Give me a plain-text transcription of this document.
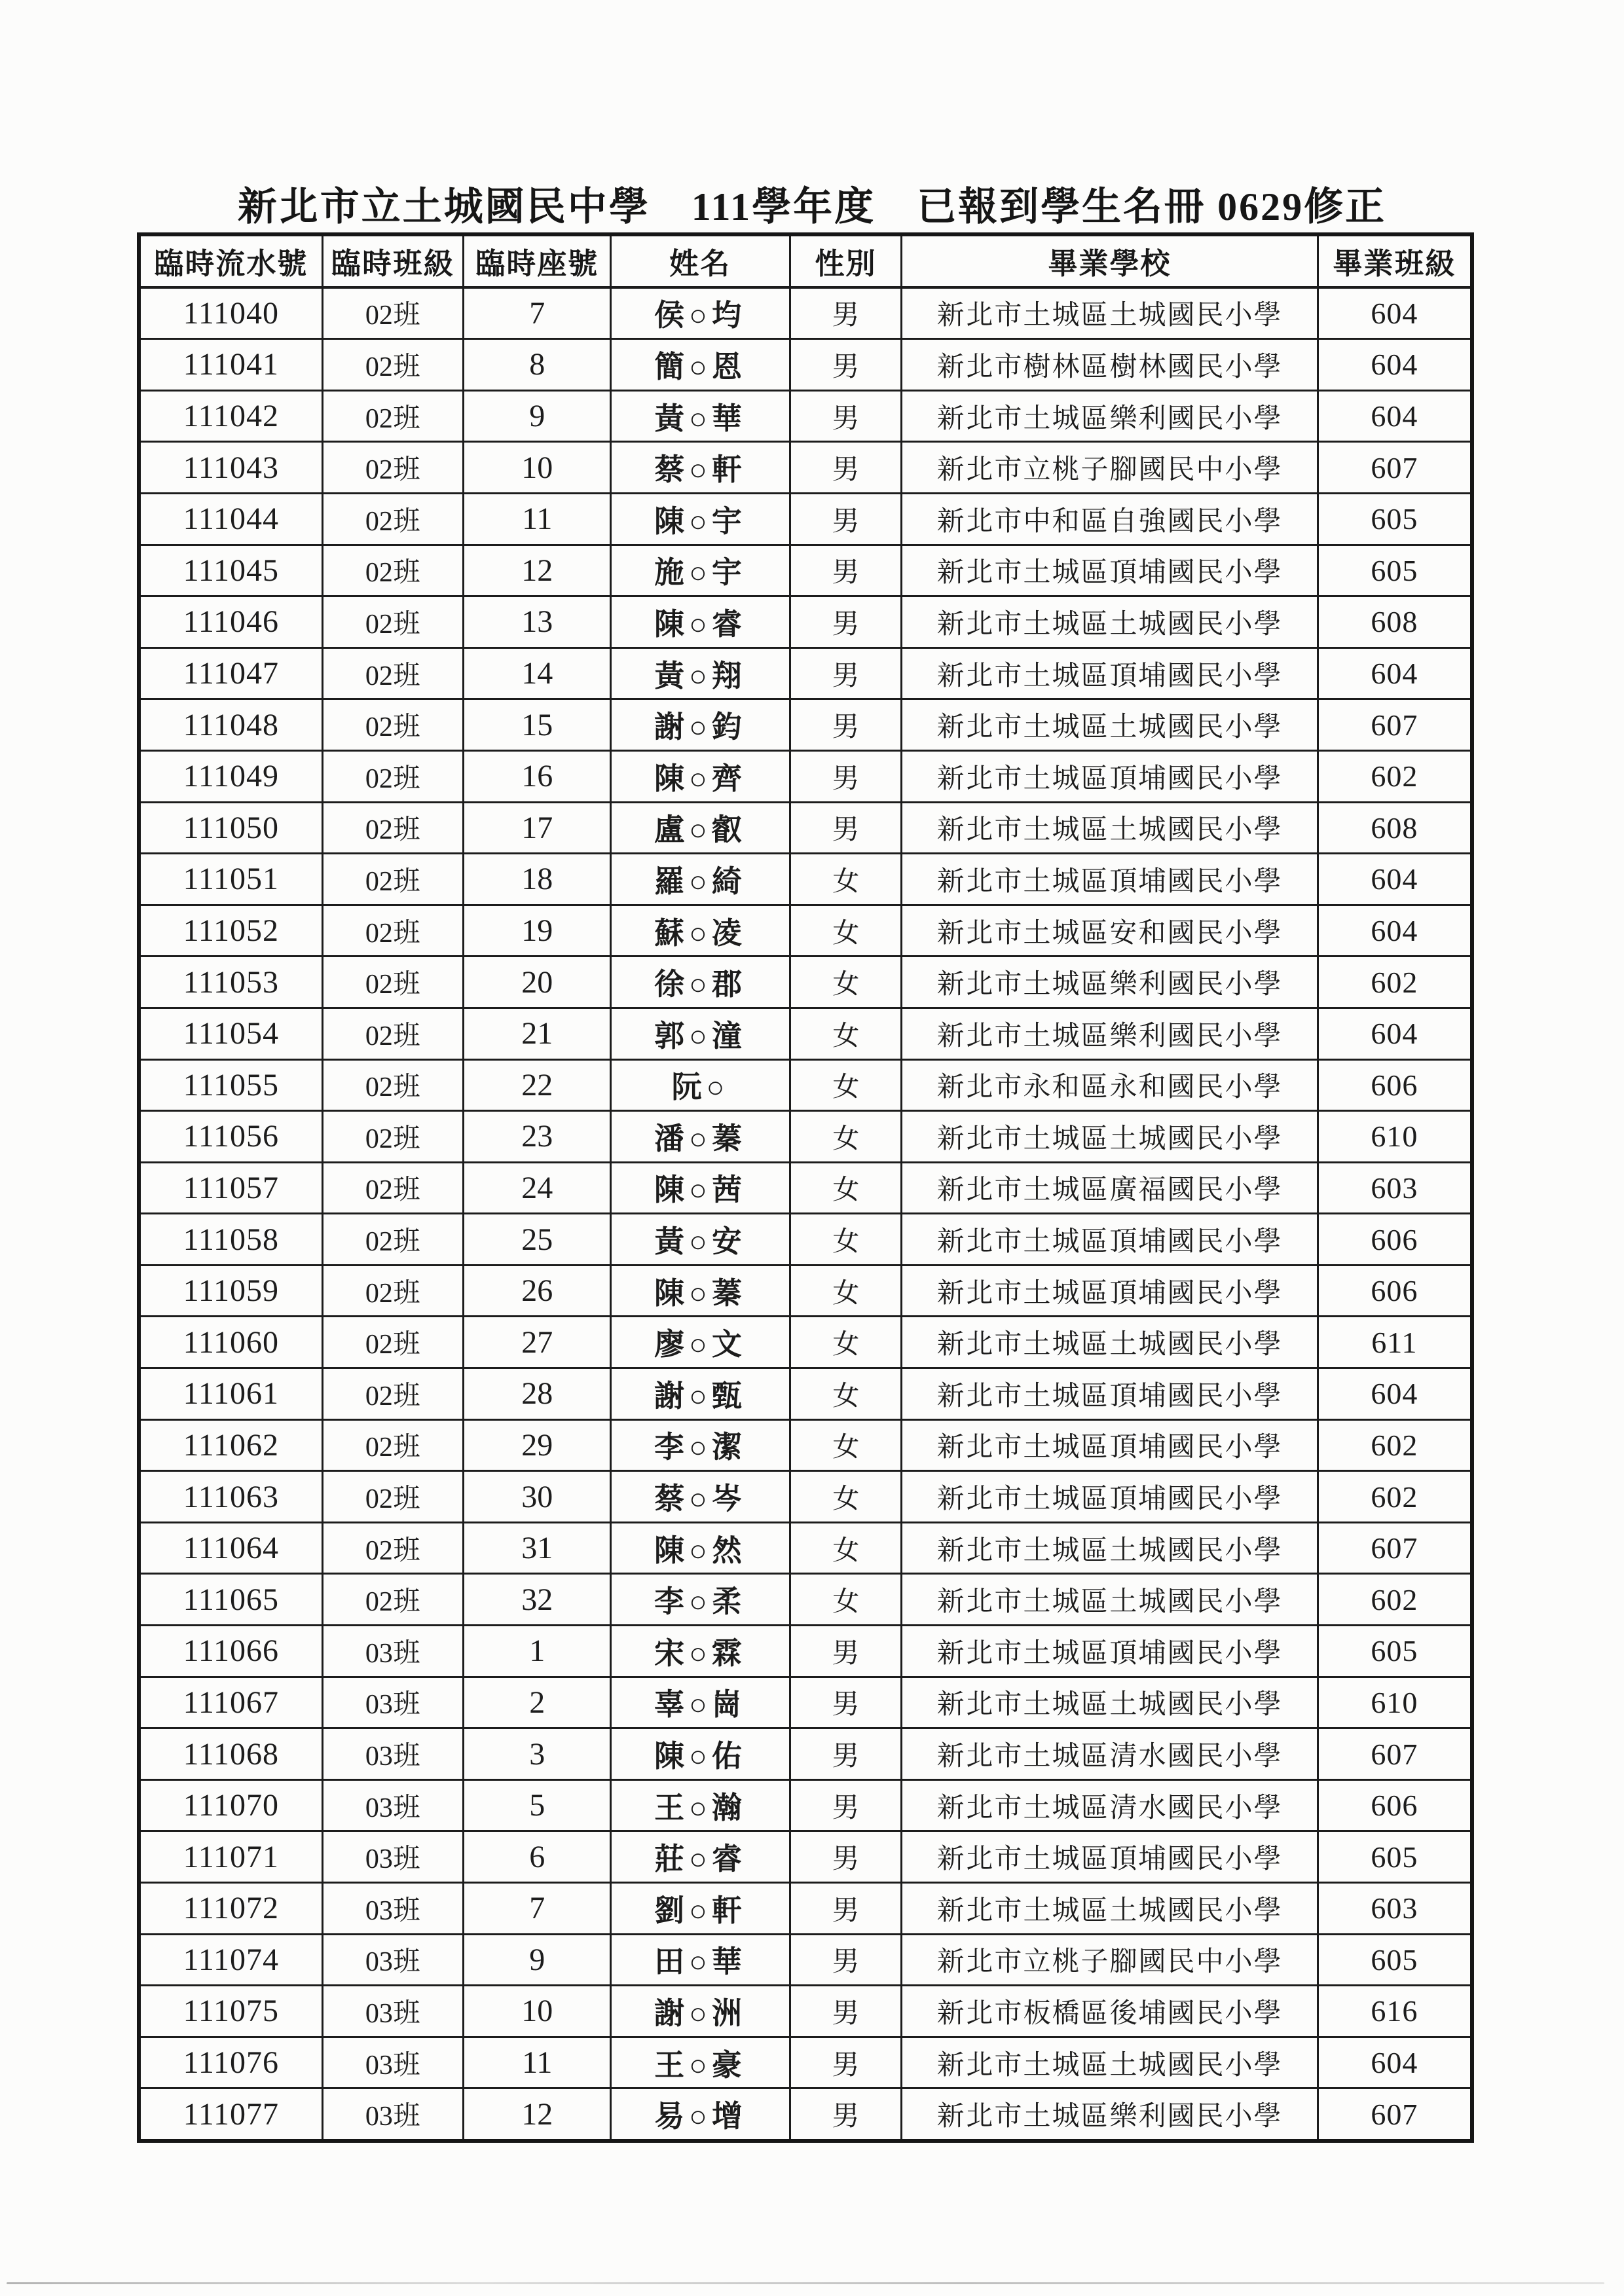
新北市立土城國民中學　111學年度　已報到學生名冊 0629修正
臨時流水號	臨時班級	臨時座號	姓名	性別	畢業學校	畢業班級
111040	02班	7	侯○均	男	新北市土城區土城國民小學	604
111041	02班	8	簡○恩	男	新北市樹林區樹林國民小學	604
111042	02班	9	黃○華	男	新北市土城區樂利國民小學	604
111043	02班	10	蔡○軒	男	新北市立桃子腳國民中小學	607
111044	02班	11	陳○宇	男	新北市中和區自強國民小學	605
111045	02班	12	施○宇	男	新北市土城區頂埔國民小學	605
111046	02班	13	陳○睿	男	新北市土城區土城國民小學	608
111047	02班	14	黃○翔	男	新北市土城區頂埔國民小學	604
111048	02班	15	謝○鈞	男	新北市土城區土城國民小學	607
111049	02班	16	陳○齊	男	新北市土城區頂埔國民小學	602
111050	02班	17	盧○叡	男	新北市土城區土城國民小學	608
111051	02班	18	羅○綺	女	新北市土城區頂埔國民小學	604
111052	02班	19	蘇○凌	女	新北市土城區安和國民小學	604
111053	02班	20	徐○郡	女	新北市土城區樂利國民小學	602
111054	02班	21	郭○潼	女	新北市土城區樂利國民小學	604
111055	02班	22	阮○	女	新北市永和區永和國民小學	606
111056	02班	23	潘○蓁	女	新北市土城區土城國民小學	610
111057	02班	24	陳○茜	女	新北市土城區廣福國民小學	603
111058	02班	25	黃○安	女	新北市土城區頂埔國民小學	606
111059	02班	26	陳○蓁	女	新北市土城區頂埔國民小學	606
111060	02班	27	廖○文	女	新北市土城區土城國民小學	611
111061	02班	28	謝○甄	女	新北市土城區頂埔國民小學	604
111062	02班	29	李○潔	女	新北市土城區頂埔國民小學	602
111063	02班	30	蔡○岑	女	新北市土城區頂埔國民小學	602
111064	02班	31	陳○然	女	新北市土城區土城國民小學	607
111065	02班	32	李○柔	女	新北市土城區土城國民小學	602
111066	03班	1	宋○霖	男	新北市土城區頂埔國民小學	605
111067	03班	2	辜○崗	男	新北市土城區土城國民小學	610
111068	03班	3	陳○佑	男	新北市土城區清水國民小學	607
111070	03班	5	王○瀚	男	新北市土城區清水國民小學	606
111071	03班	6	莊○睿	男	新北市土城區頂埔國民小學	605
111072	03班	7	劉○軒	男	新北市土城區土城國民小學	603
111074	03班	9	田○華	男	新北市立桃子腳國民中小學	605
111075	03班	10	謝○洲	男	新北市板橋區後埔國民小學	616
111076	03班	11	王○豪	男	新北市土城區土城國民小學	604
111077	03班	12	易○增	男	新北市土城區樂利國民小學	607
